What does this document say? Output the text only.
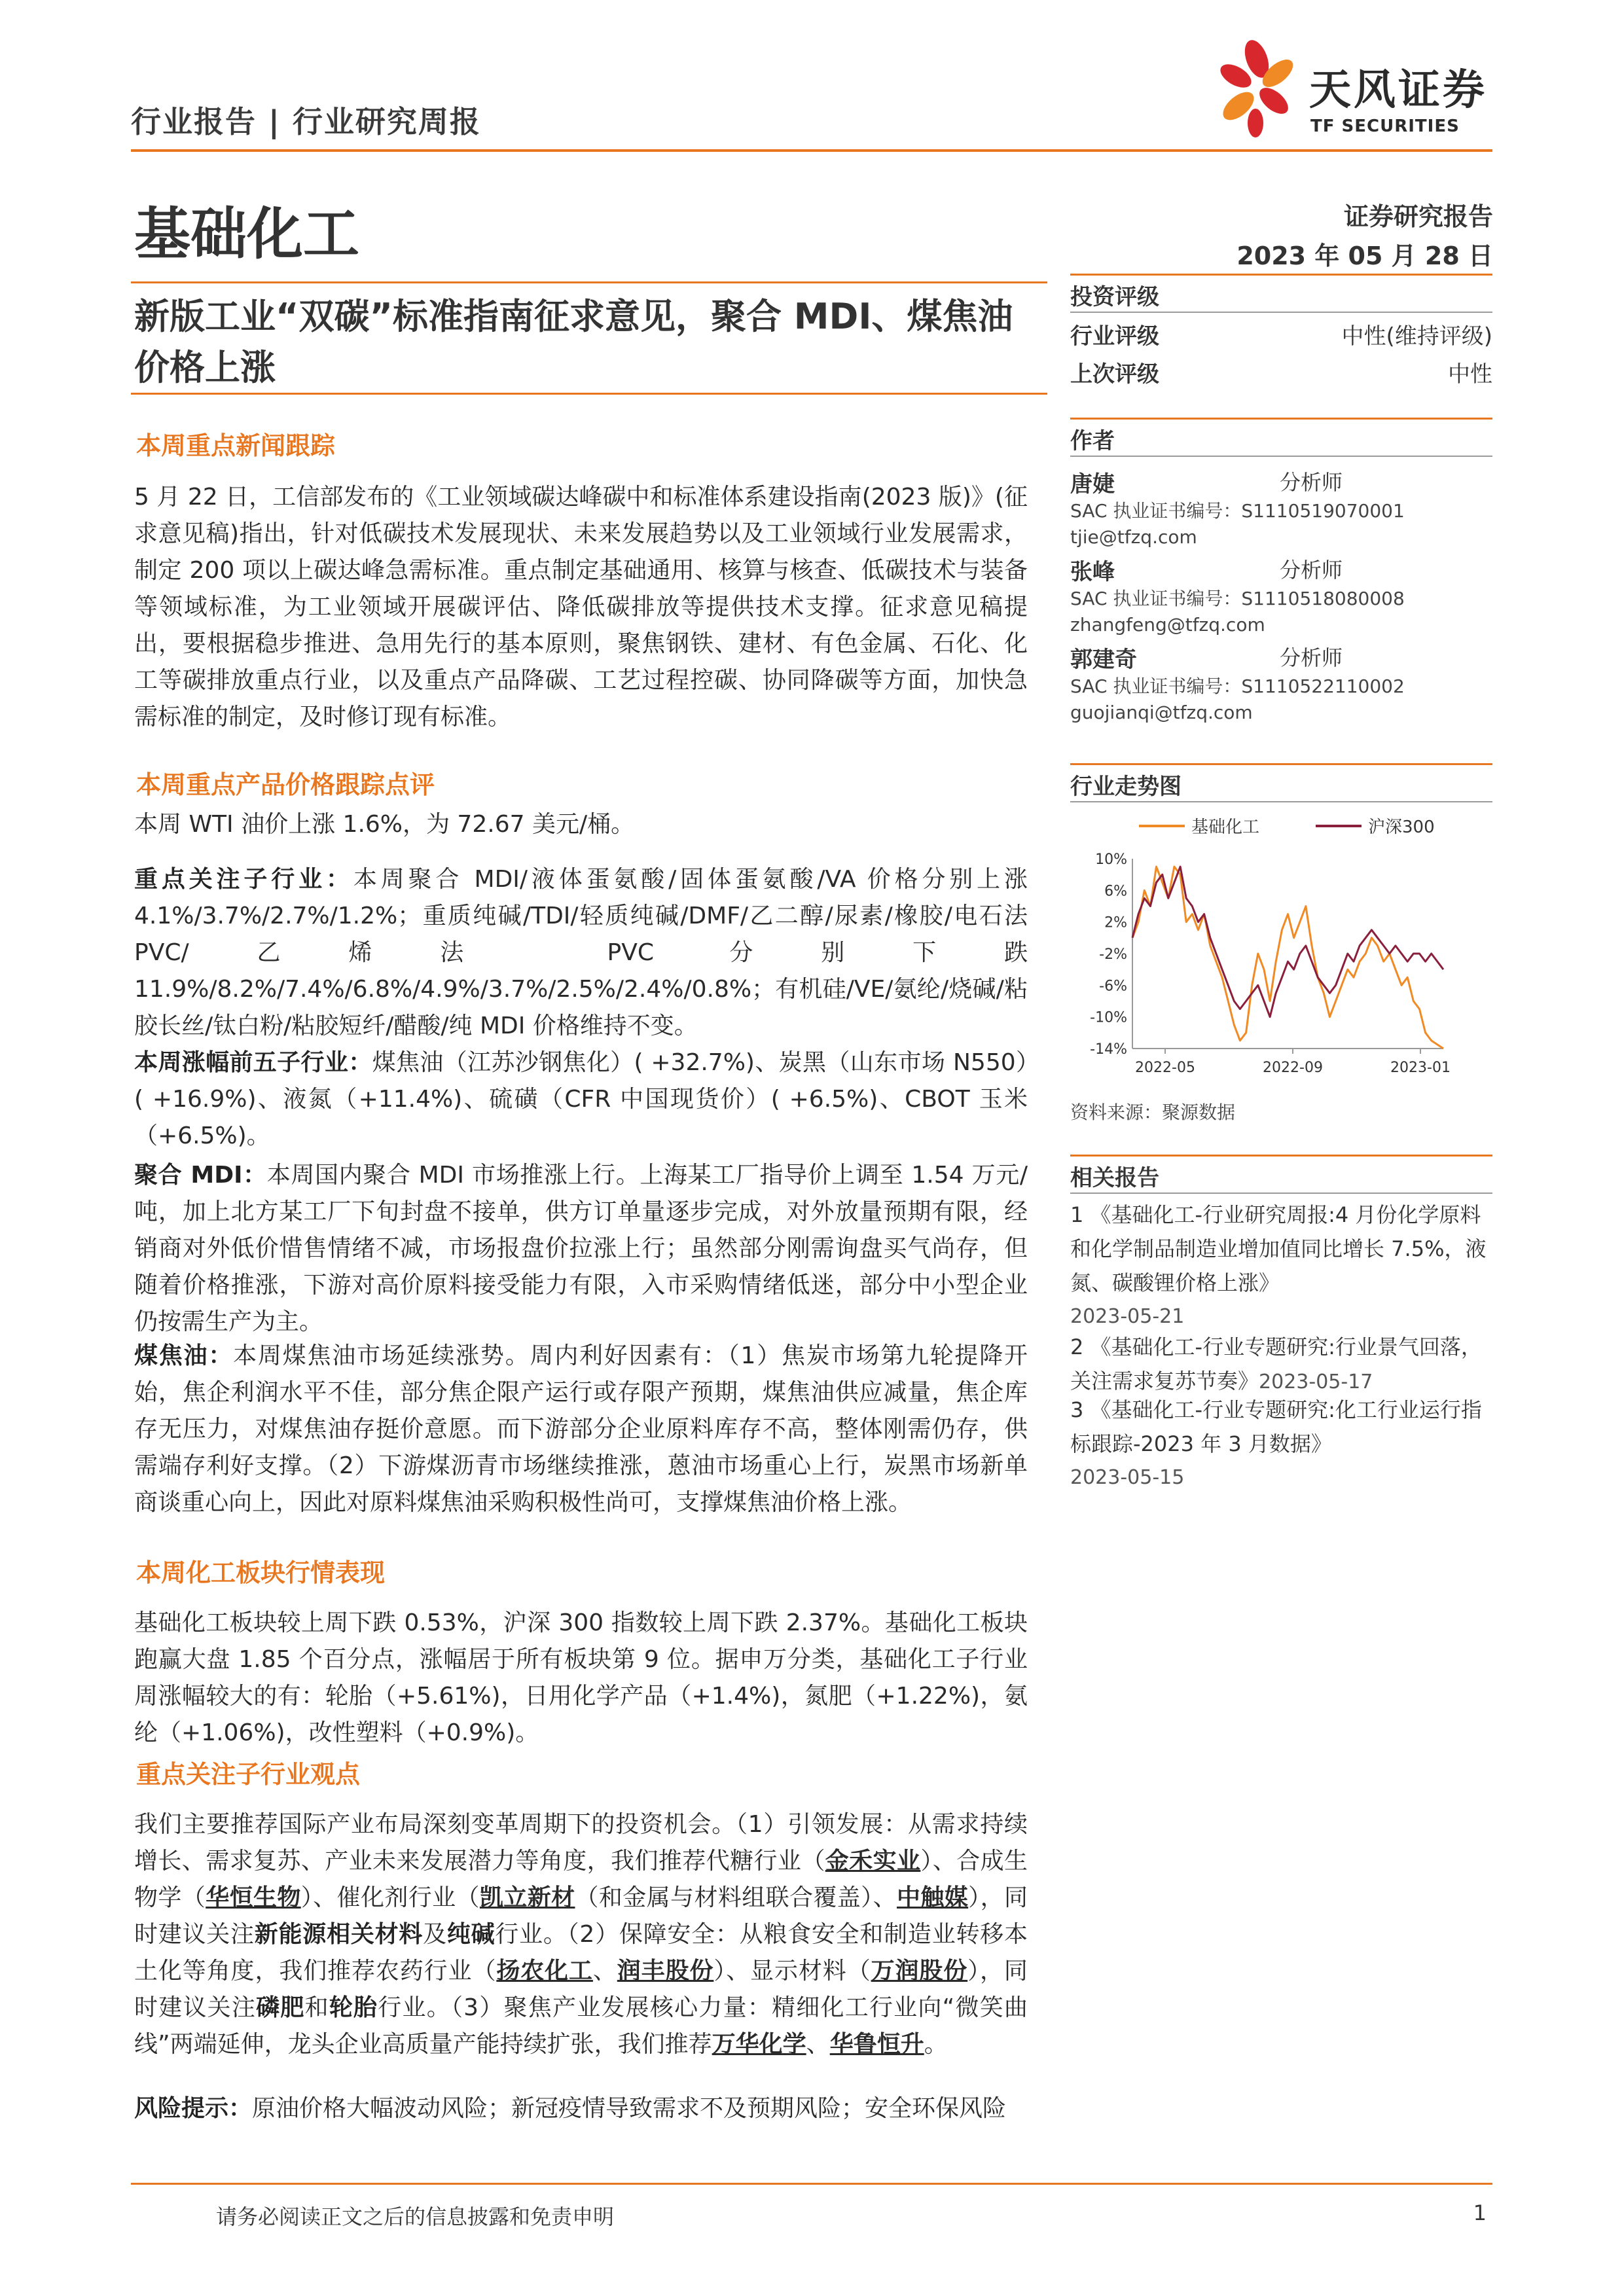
行业报告 | 行业研究周报
天风证券
TF SECURITIES
基础化工	证券研究报告
2023 年 05 月 28 日
新版工业“双碳”标准指南征求意见，聚合 MDI、煤焦油价格上涨
本周重点新闻跟踪
5 月 22 日，工信部发布的《工业领域碳达峰碳中和标准体系建设指南(2023 版)》(征求意见稿)指出，针对低碳技术发展现状、未来发展趋势以及工业领域行业发展需求，制定 200 项以上碳达峰急需标准。重点制定基础通用、核算与核查、低碳技术与装备等领域标准，为工业领域开展碳评估、降低碳排放等提供技术支撑。征求意见稿提出，要根据稳步推进、急用先行的基本原则，聚焦钢铁、建材、有色金属、石化、化工等碳排放重点行业，以及重点产品降碳、工艺过程控碳、协同降碳等方面，加快急需标准的制定，及时修订现有标准。
本周重点产品价格跟踪点评
本周 WTI 油价上涨 1.6%，为 72.67 美元/桶。
重点关注子行业：本周聚合 MDI/液体蛋氨酸/固体蛋氨酸/VA 价格分别上涨 4.1%/3.7%/2.7%/1.2%；重质纯碱/TDI/轻质纯碱/DMF/乙二醇/尿素/橡胶/电石法 PVC/乙烯法 PVC 分别下跌 11.9%/8.2%/7.4%/6.8%/4.9%/3.7%/2.5%/2.4%/0.8%；有机硅/VE/氨纶/烧碱/粘胶长丝/钛白粉/粘胶短纤/醋酸/纯 MDI 价格维持不变。
本周涨幅前五子行业：煤焦油（江苏沙钢焦化）( +32.7%)、炭黑（山东市场 N550）( +16.9%)、液氮（+11.4%)、硫磺（CFR 中国现货价）( +6.5%)、CBOT 玉米（+6.5%)。
聚合 MDI：本周国内聚合 MDI 市场推涨上行。上海某工厂指导价上调至 1.54 万元/吨，加上北方某工厂下旬封盘不接单，供方订单量逐步完成，对外放量预期有限，经销商对外低价惜售情绪不减，市场报盘价拉涨上行；虽然部分刚需询盘买气尚存，但随着价格推涨，下游对高价原料接受能力有限，入市采购情绪低迷，部分中小型企业仍按需生产为主。
煤焦油：本周煤焦油市场延续涨势。周内利好因素有：（1）焦炭市场第九轮提降开始，焦企利润水平不佳，部分焦企限产运行或存限产预期，煤焦油供应减量，焦企库存无压力，对煤焦油存挺价意愿。而下游部分企业原料库存不高，整体刚需仍存，供需端存利好支撑。（2）下游煤沥青市场继续推涨，蒽油市场重心上行，炭黑市场新单商谈重心向上，因此对原料煤焦油采购积极性尚可，支撑煤焦油价格上涨。
本周化工板块行情表现
基础化工板块较上周下跌 0.53%，沪深 300 指数较上周下跌 2.37%。基础化工板块跑赢大盘 1.85 个百分点，涨幅居于所有板块第 9 位。据申万分类，基础化工子行业周涨幅较大的有：轮胎（+5.61%)，日用化学产品（+1.4%)，氮肥（+1.22%)，氨纶（+1.06%)，改性塑料（+0.9%)。
重点关注子行业观点
我们主要推荐国际产业布局深刻变革周期下的投资机会。（1）引领发展：从需求持续增长、需求复苏、产业未来发展潜力等角度，我们推荐代糖行业（金禾实业）、合成生物学（华恒生物）、催化剂行业（凯立新材（和金属与材料组联合覆盖）、中触媒），同时建议关注新能源相关材料及纯碱行业。（2）保障安全：从粮食安全和制造业转移本土化等角度，我们推荐农药行业（扬农化工、润丰股份）、显示材料（万润股份），同时建议关注磷肥和轮胎行业。（3）聚焦产业发展核心力量：精细化工行业向“微笑曲线”两端延伸，龙头企业高质量产能持续扩张，我们推荐万华化学、华鲁恒升。
风险提示：原油价格大幅波动风险；新冠疫情导致需求不及预期风险；安全环保风险
投资评级
行业评级	中性(维持评级)
上次评级	中性
作者
唐婕	分析师
SAC 执业证书编号：S1110519070001
tjie@tfzq.com
张峰	分析师
SAC 执业证书编号：S1110518080008
zhangfeng@tfzq.com
郭建奇	分析师
SAC 执业证书编号：S1110522110002
guojianqi@tfzq.com
行业走势图
基础化工	沪深300
10%
6%
2%
-2%
-6%
-10%
-14%
2022-05	2022-09	2023-01
资料来源：聚源数据
相关报告
1 《基础化工-行业研究周报:4 月份化学原料和化学制品制造业增加值同比增长 7.5%，液氮、碳酸锂价格上涨》
2023-05-21
2 《基础化工-行业专题研究:行业景气回落，关注需求复苏节奏》2023-05-17
3 《基础化工-行业专题研究:化工行业运行指标跟踪-2023 年 3 月数据》
2023-05-15
请务必阅读正文之后的信息披露和免责申明	1
